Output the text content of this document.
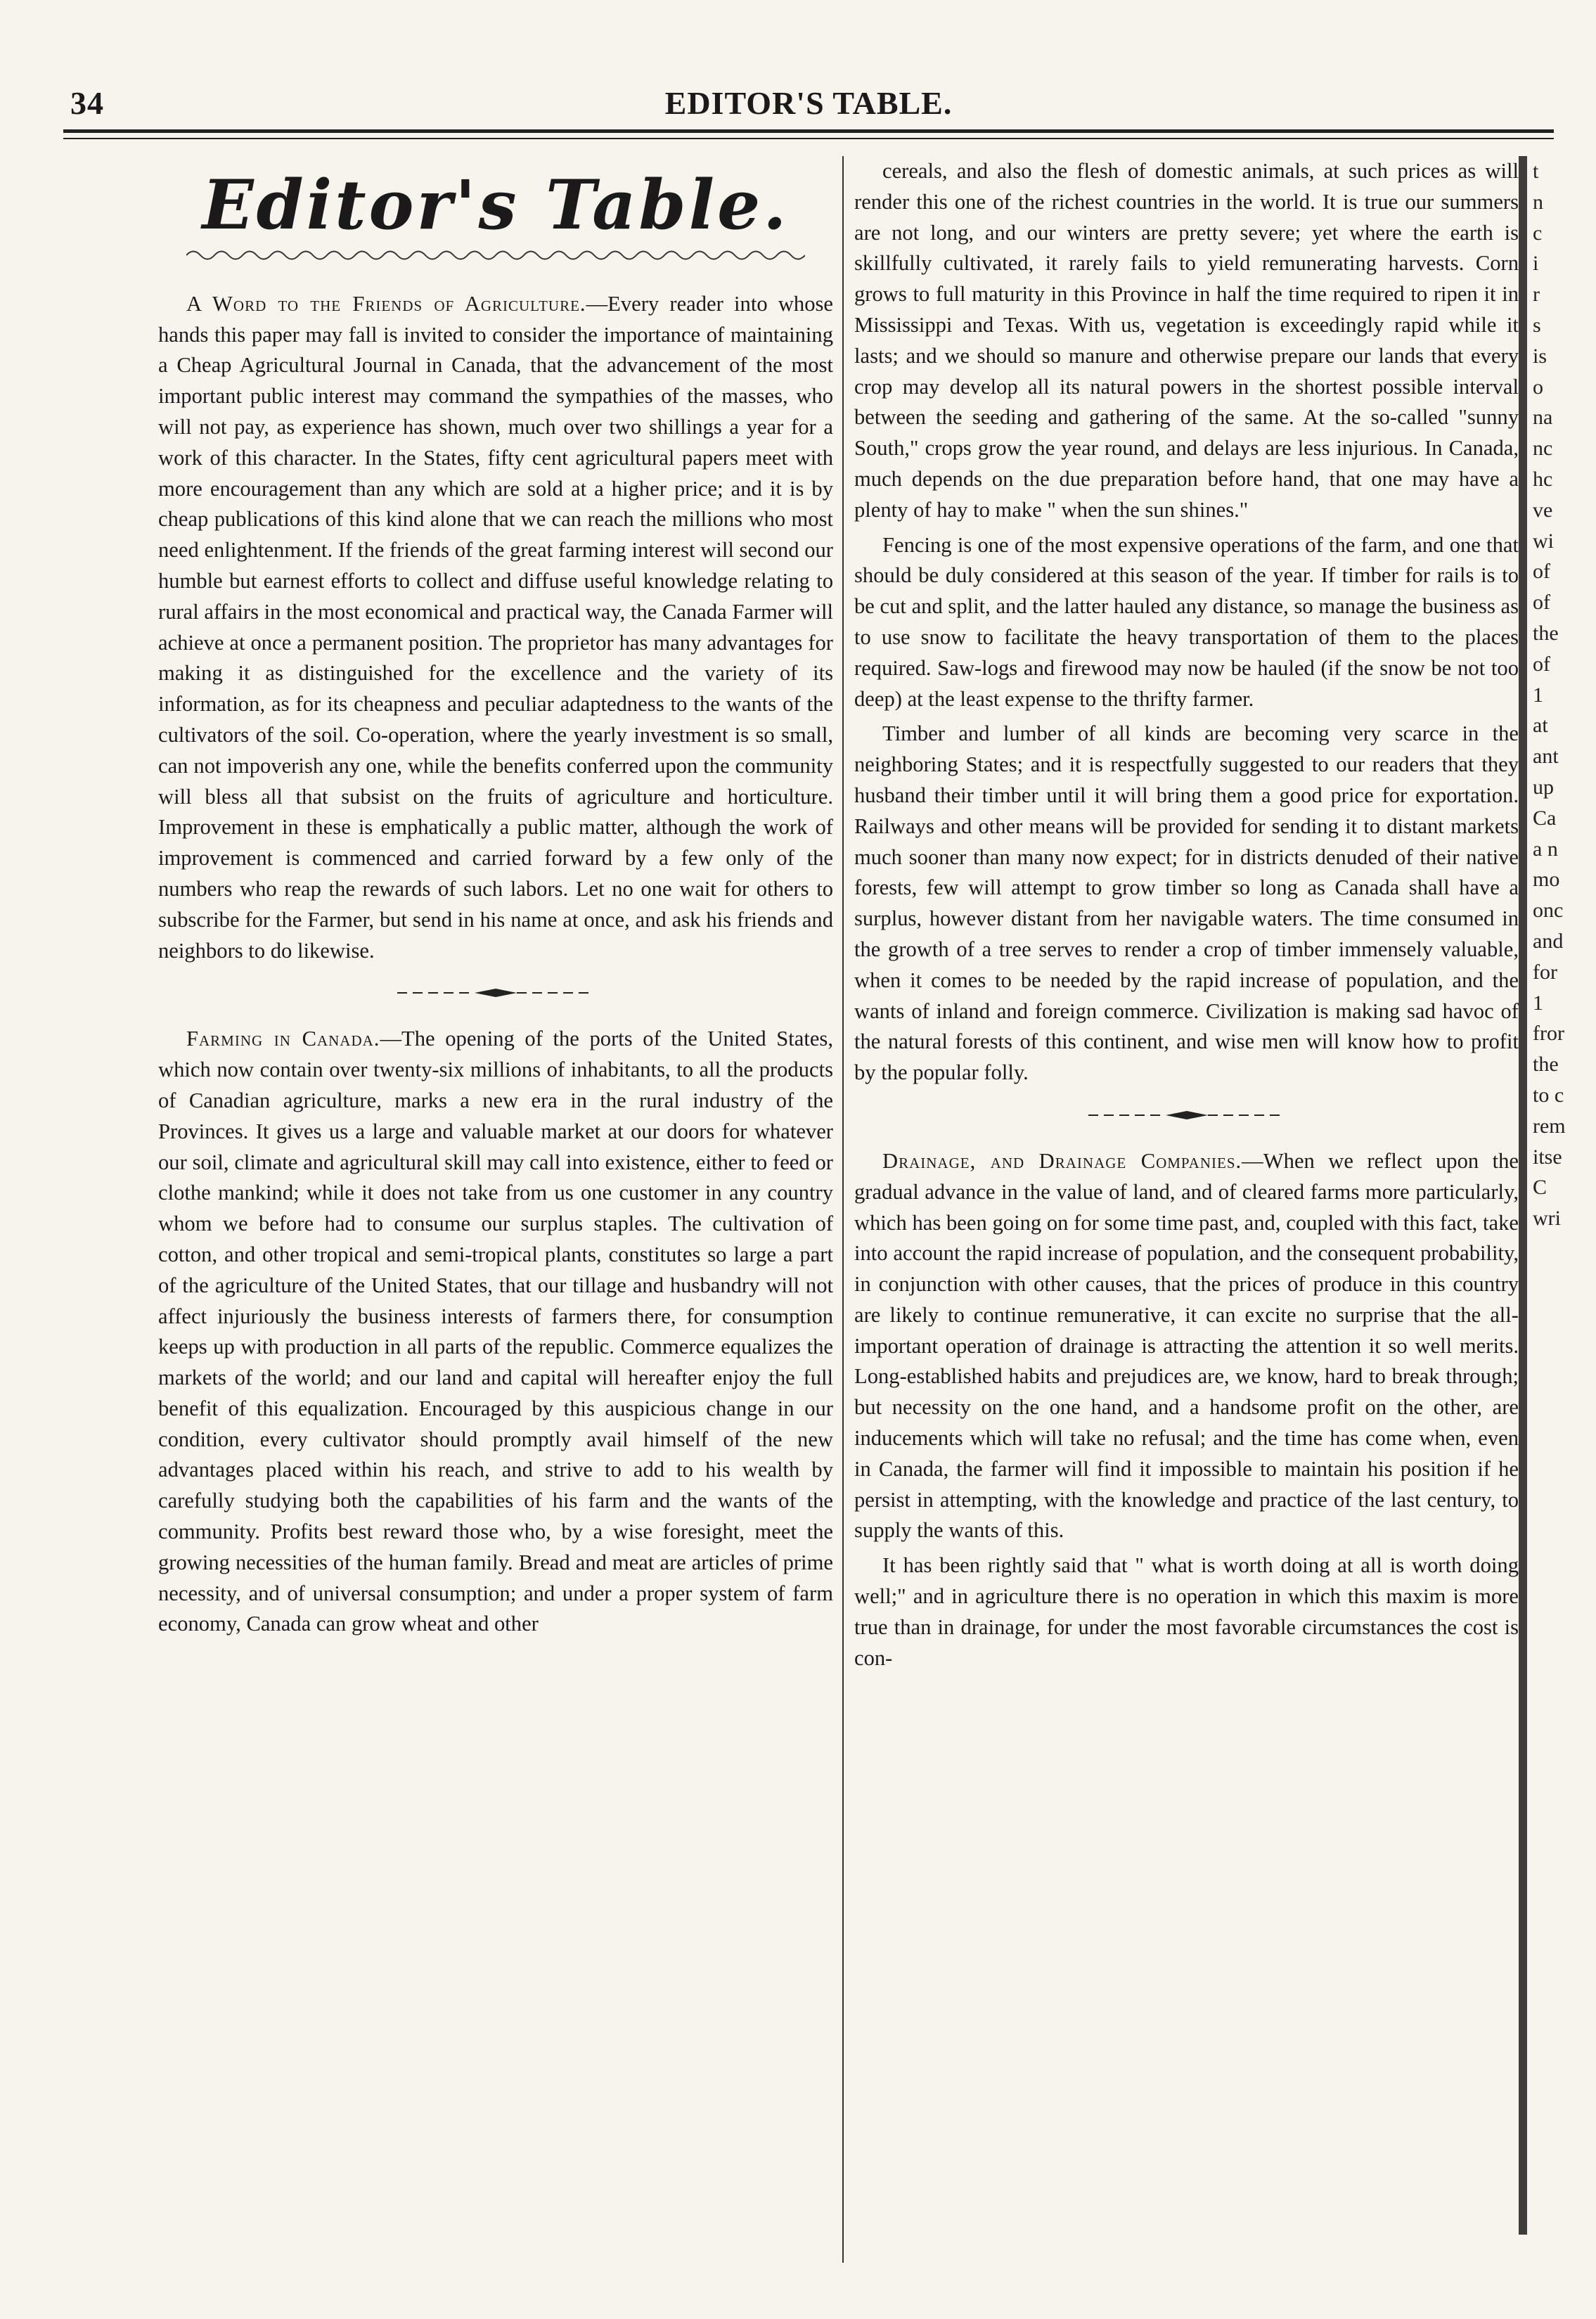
34	EDITOR'S TABLE.
Editor's Table.

A Word to the Friends of Agriculture.—Every reader into whose hands this paper may fall is invited to consider the importance of maintaining a Cheap Agricultural Journal in Canada, that the advancement of the most important public interest may command the sympathies of the masses, who will not pay, as experience has shown, much over two shillings a year for a work of this character. In the States, fifty cent agricultural papers meet with more encouragement than any which are sold at a higher price; and it is by cheap publications of this kind alone that we can reach the millions who most need enlightenment. If the friends of the great farming interest will second our humble but earnest efforts to collect and diffuse useful knowledge relating to rural affairs in the most economical and practical way, the Canada Farmer will achieve at once a permanent position. The proprietor has many advantages for making it as distinguished for the excellence and the variety of its information, as for its cheapness and peculiar adaptedness to the wants of the cultivators of the soil. Co-operation, where the yearly investment is so small, can not impoverish any one, while the benefits conferred upon the community will bless all that subsist on the fruits of agriculture and horticulture. Improvement in these is emphatically a public matter, although the work of improvement is commenced and carried forward by a few only of the numbers who reap the rewards of such labors. Let no one wait for others to subscribe for the Farmer, but send in his name at once, and ask his friends and neighbors to do likewise.

Farming in Canada.—The opening of the ports of the United States, which now contain over twenty-six millions of inhabitants, to all the products of Canadian agriculture, marks a new era in the rural industry of the Provinces. It gives us a large and valuable market at our doors for whatever our soil, climate and agricultural skill may call into existence, either to feed or clothe mankind; while it does not take from us one customer in any country whom we before had to consume our surplus staples. The cultivation of cotton, and other tropical and semi-tropical plants, constitutes so large a part of the agriculture of the United States, that our tillage and husbandry will not affect injuriously the business interests of farmers there, for consumption keeps up with production in all parts of the republic. Commerce equalizes the markets of the world; and our land and capital will hereafter enjoy the full benefit of this equalization. Encouraged by this auspicious change in our condition, every cultivator should promptly avail himself of the new advantages placed within his reach, and strive to add to his wealth by carefully studying both the capabilities of his farm and the wants of the community. Profits best reward those who, by a wise foresight, meet the growing necessities of the human family. Bread and meat are articles of prime necessity, and of universal consumption; and under a proper system of farm economy, Canada can grow wheat and other

cereals, and also the flesh of domestic animals, at such prices as will render this one of the richest countries in the world. It is true our summers are not long, and our winters are pretty severe; yet where the earth is skillfully cultivated, it rarely fails to yield remunerating harvests. Corn grows to full maturity in this Province in half the time required to ripen it in Mississippi and Texas. With us, vegetation is exceedingly rapid while it lasts; and we should so manure and otherwise prepare our lands that every crop may develop all its natural powers in the shortest possible interval between the seeding and gathering of the same. At the so-called "sunny South," crops grow the year round, and delays are less injurious. In Canada, much depends on the due preparation before hand, that one may have a plenty of hay to make " when the sun shines."

Fencing is one of the most expensive operations of the farm, and one that should be duly considered at this season of the year. If timber for rails is to be cut and split, and the latter hauled any distance, so manage the business as to use snow to facilitate the heavy transportation of them to the places required. Saw-logs and firewood may now be hauled (if the snow be not too deep) at the least expense to the thrifty farmer.

Timber and lumber of all kinds are becoming very scarce in the neighboring States; and it is respectfully suggested to our readers that they husband their timber until it will bring them a good price for exportation. Railways and other means will be provided for sending it to distant markets much sooner than many now expect; for in districts denuded of their native forests, few will attempt to grow timber so long as Canada shall have a surplus, however distant from her navigable waters. The time consumed in the growth of a tree serves to render a crop of timber immensely valuable, when it comes to be needed by the rapid increase of population, and the wants of inland and foreign commerce. Civilization is making sad havoc of the natural forests of this continent, and wise men will know how to profit by the popular folly.

Drainage, and Drainage Companies.—When we reflect upon the gradual advance in the value of land, and of cleared farms more particularly, which has been going on for some time past, and, coupled with this fact, take into account the rapid increase of population, and the consequent probability, in conjunction with other causes, that the prices of produce in this country are likely to continue remunerative, it can excite no surprise that the all-important operation of drainage is attracting the attention it so well merits. Long-established habits and prejudices are, we know, hard to break through; but necessity on the one hand, and a handsome profit on the other, are inducements which will take no refusal; and the time has come when, even in Canada, the farmer will find it impossible to maintain his position if he persist in attempting, with the knowledge and practice of the last century, to supply the wants of this.

It has been rightly said that " what is worth doing at all is worth doing well;" and in agriculture there is no operation in which this maxim is more true than in drainage, for under the most favorable circumstances the cost is con-

t
n
c
i
r
s
is
o
na
nc
hc
ve
wi
of
of
the
of
1
at
ant
up
Ca
a n
mo
onc
and
for
1
fror
the
to c
rem
itse
C
wri
